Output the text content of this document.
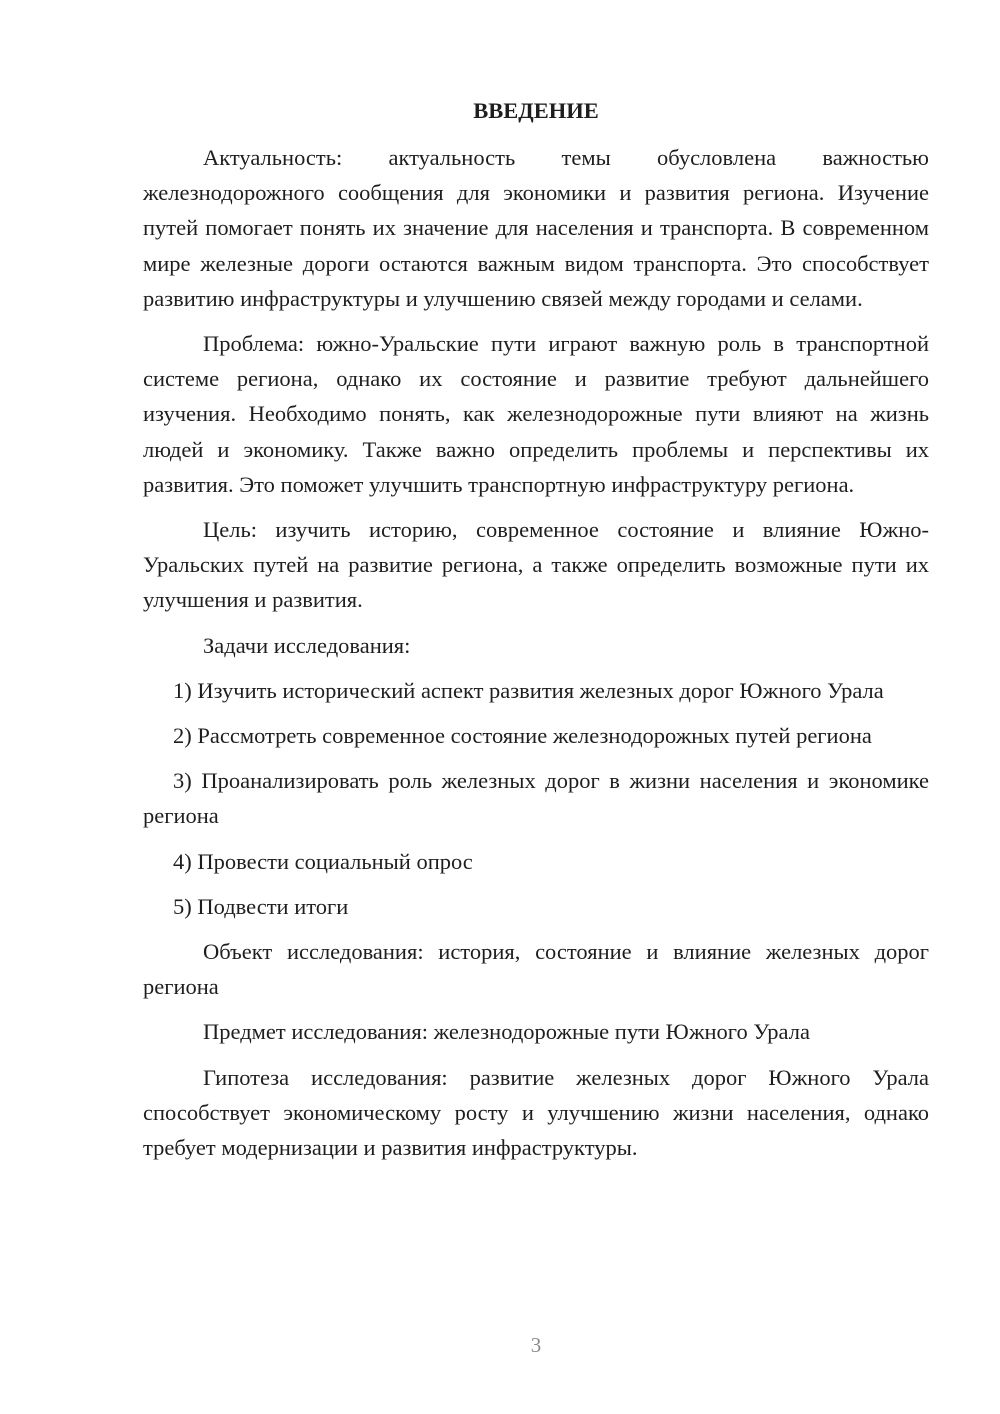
ВВЕДЕНИЕ

Актуальность: актуальность темы обусловлена важностью железнодорожного сообщения для экономики и развития региона. Изучение путей помогает понять их значение для населения и транспорта. В современном мире железные дороги остаются важным видом транспорта. Это способствует развитию инфраструктуры и улучшению связей между городами и селами.

Проблема: южно-Уральские пути играют важную роль в транспортной системе региона, однако их состояние и развитие требуют дальнейшего изучения. Необходимо понять, как железнодорожные пути влияют на жизнь людей и экономику. Также важно определить проблемы и перспективы их развития. Это поможет улучшить транспортную инфраструктуру региона.

Цель: изучить историю, современное состояние и влияние Южно-Уральских путей на развитие региона, а также определить возможные пути их улучшения и развития.

Задачи исследования:

1) Изучить исторический аспект развития железных дорог Южного Урала

2) Рассмотреть современное состояние железнодорожных путей региона

3) Проанализировать роль железных дорог в жизни населения и экономике региона

4) Провести социальный опрос

5) Подвести итоги

Объект исследования: история, состояние и влияние железных дорог региона

Предмет исследования: железнодорожные пути Южного Урала

Гипотеза исследования: развитие железных дорог Южного Урала способствует экономическому росту и улучшению жизни населения, однако требует модернизации и развития инфраструктуры.

3
